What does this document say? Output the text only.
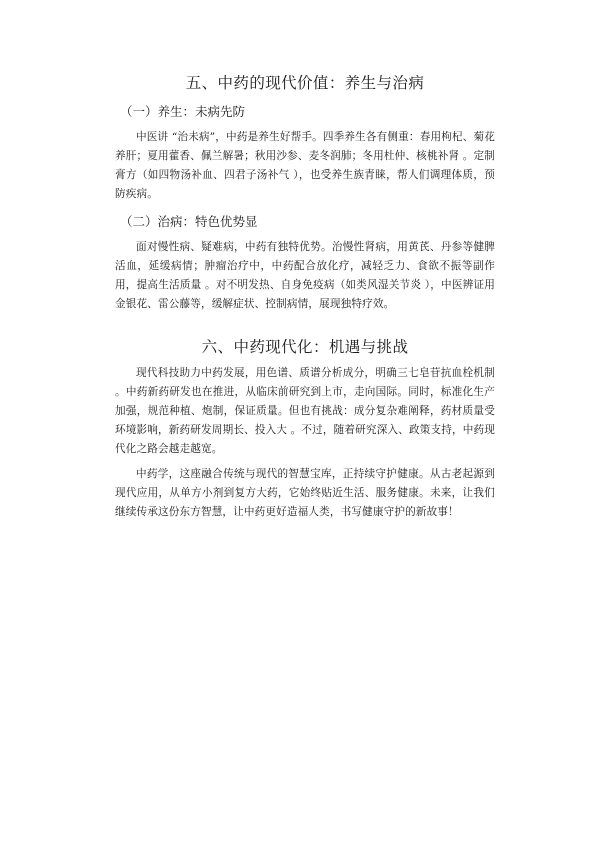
五、中药的现代价值：养生与治病
（一）养生：未病先防

中医讲 “治未病”，中药是养生好帮手。四季养生各有侧重：春用枸杞、菊花养肝；夏用藿香、佩兰解暑；秋用沙参、麦冬润肺；冬用杜仲、核桃补肾 。定制膏方（如四物汤补血、四君子汤补气 ），也受养生族青睐，帮人们调理体质，预防疾病。

（二）治病：特色优势显

面对慢性病、疑难病，中药有独特优势。治慢性肾病，用黄芪、丹参等健脾活血，延缓病情；肿瘤治疗中，中药配合放化疗，减轻乏力、食欲不振等副作用，提高生活质量 。对不明发热、自身免疫病（如类风湿关节炎 ），中医辨证用金银花、雷公藤等，缓解症状、控制病情，展现独特疗效。

六、中药现代化：机遇与挑战

现代科技助力中药发展，用色谱、质谱分析成分，明确三七皂苷抗血栓机制 。中药新药研发也在推进，从临床前研究到上市，走向国际。同时，标准化生产加强，规范种植、炮制，保证质量。但也有挑战：成分复杂难阐释，药材质量受环境影响，新药研发周期长、投入大 。不过，随着研究深入、政策支持，中药现代化之路会越走越宽。

中药学，这座融合传统与现代的智慧宝库，正持续守护健康。从古老起源到现代应用，从单方小剂到复方大药，它始终贴近生活、服务健康。未来，让我们继续传承这份东方智慧，让中药更好造福人类，书写健康守护的新故事！
